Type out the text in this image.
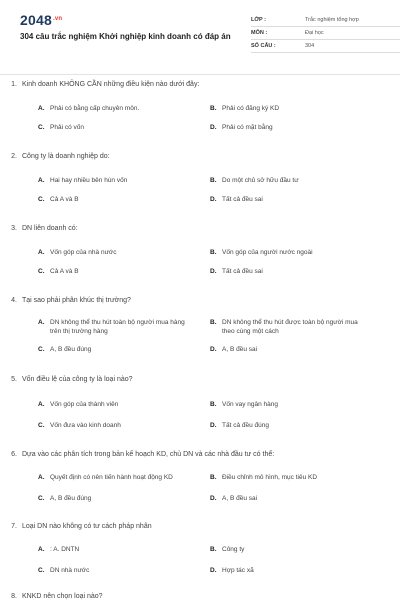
$2048^{.vn}$
304 câu trắc nghiệm Khởi nghiệp kinh doanh có đáp án
LỚP :	Trắc nghiệm tổng hợp
MÔN :	Đại học
SỐ CÂU :	304
1. Kinh doanh KHÔNG CẦN những điều kiện nào dưới đây:
A. Phải có bằng cấp chuyên môn.	B. Phải có đăng ký KD
C. Phải có vốn	D. Phải có mặt bằng
2. Công ty là doanh nghiệp do:
A. Hai hay nhiều bên hùn vốn	B. Do một chủ sở hữu đầu tư
C. Cả A và B	D. Tất cả đều sai
3. DN liên doanh có:
A. Vốn góp của nhà nước	B. Vốn góp của người nước ngoài
C. Cả A và B	D. Tất cả đều sai
4. Tại sao phải phân khúc thị trường?
A. DN không thể thu hút toàn bộ người mua hàng trên thị trường hàng
B. DN không thể thu hút được toàn bộ người mua theo cùng một cách
C. A, B đều đúng	D. A, B đều sai
5. Vốn điều lệ của công ty là loại nào?
A. Vốn góp của thành viên	B. Vốn vay ngân hàng
C. Vốn đưa vào kinh doanh	D. Tất cả đều đúng
6. Dựa vào các phân tích trong bản kế hoạch KD, chủ DN và các nhà đầu tư có thể:
A. Quyết định có nên tiến hành hoạt động KD	B. Điều chỉnh mô hình, mục tiêu KD
C. A, B đều đúng	D. A, B đều sai
7. Loại DN nào không có tư cách pháp nhân
A. : A. DNTN	B. Công ty
C. DN nhà nước	D. Hợp tác xã
8. KNKD nên chọn loại nào?
